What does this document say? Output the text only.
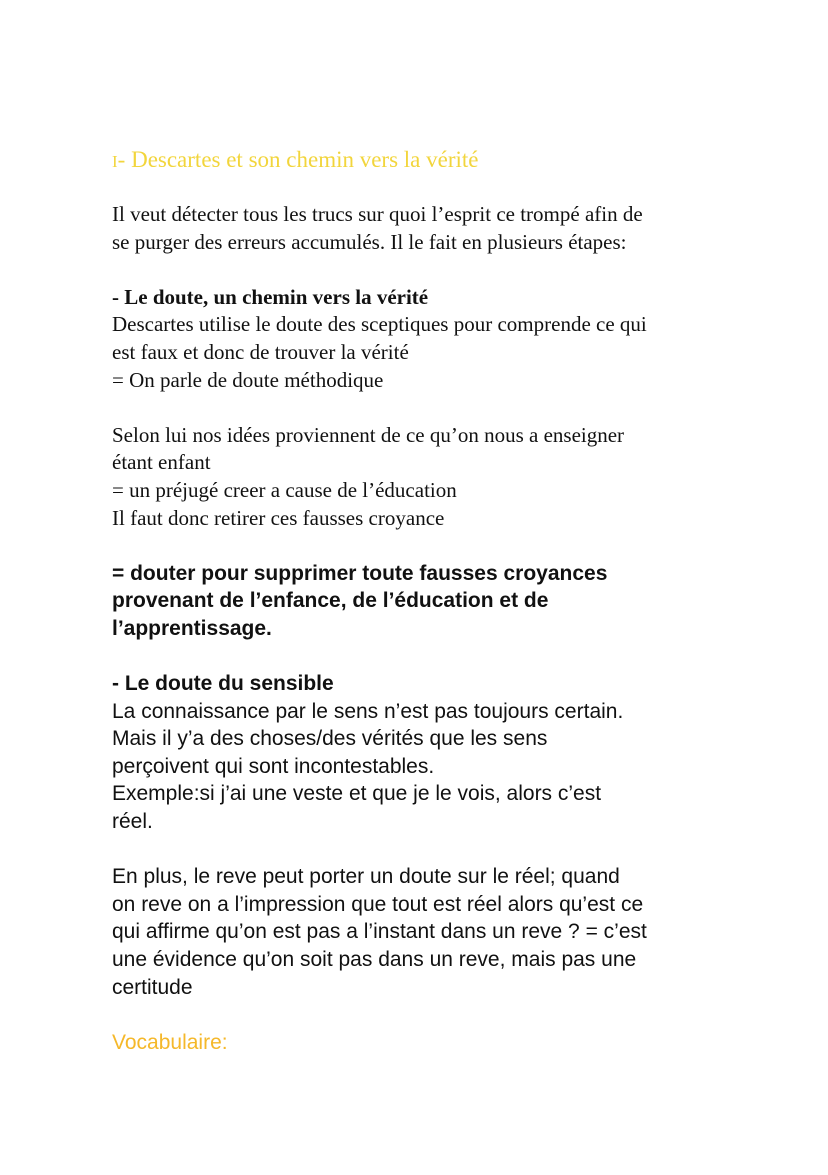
I- Descartes et son chemin vers la vérité
Il veut détecter tous les trucs sur quoi l’esprit ce trompé afin de
se purger des erreurs accumulés. Il le fait en plusieurs étapes:
- Le doute, un chemin vers la vérité
Descartes utilise le doute des sceptiques pour comprende ce qui
est faux et donc de trouver la vérité
= On parle de doute méthodique
Selon lui nos idées proviennent de ce qu’on nous a enseigner
étant enfant
= un préjugé creer a cause de l’éducation
Il faut donc retirer ces fausses croyance
= douter pour supprimer toute fausses croyances
provenant de l’enfance, de l’éducation et de
l’apprentissage.
- Le doute du sensible
La connaissance par le sens n’est pas toujours certain.
Mais il y’a des choses/des vérités que les sens
perçoivent qui sont incontestables.
Exemple:si j’ai une veste et que je le vois, alors c’est
réel.
En plus, le reve peut porter un doute sur le réel; quand
on reve on a l’impression que tout est réel alors qu’est ce
qui affirme qu’on est pas a l’instant dans un reve ? = c’est
une évidence qu’on soit pas dans un reve, mais pas une
certitude
Vocabulaire:
